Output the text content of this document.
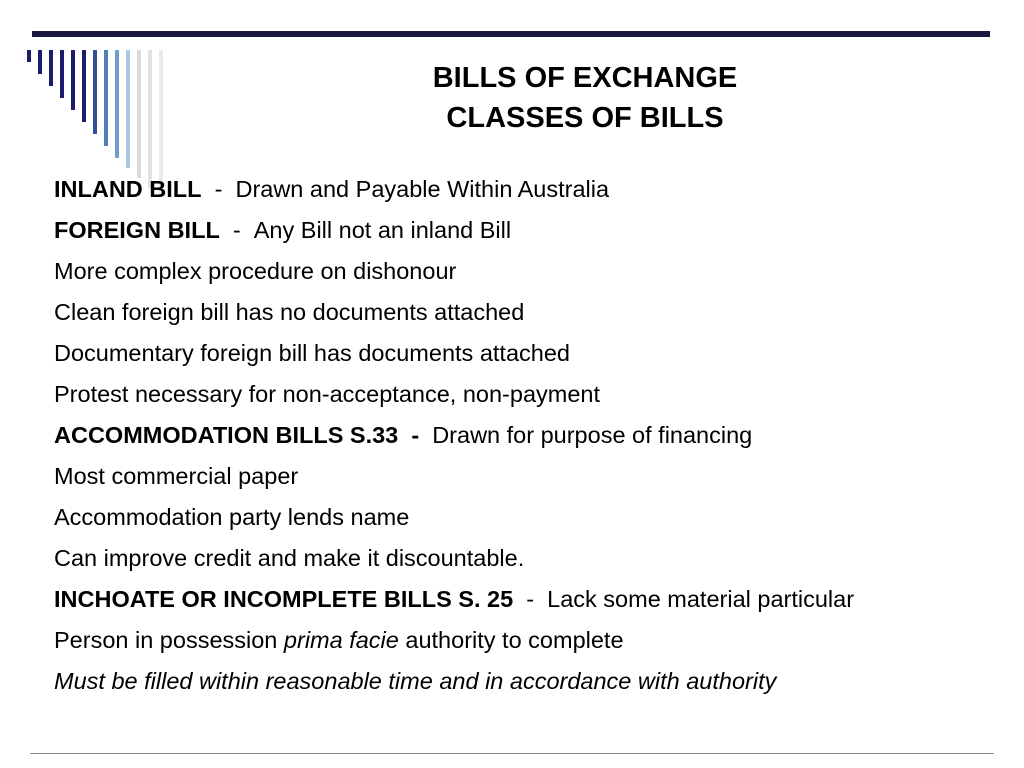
BILLS OF EXCHANGE
CLASSES OF BILLS
INLAND BILL  -  Drawn and Payable Within Australia
FOREIGN BILL  -  Any Bill not an inland Bill
More complex procedure on dishonour
Clean foreign bill has no documents attached
Documentary foreign bill has documents attached
Protest necessary for non-acceptance, non-payment
ACCOMMODATION BILLS S.33 - Drawn for purpose of financing
Most commercial paper
Accommodation party lends name
Can improve credit and make it discountable.
INCHOATE OR INCOMPLETE BILLS S. 25  -  Lack some material particular
Person in possession prima facie authority to complete
Must be filled within reasonable time and in accordance with authority
